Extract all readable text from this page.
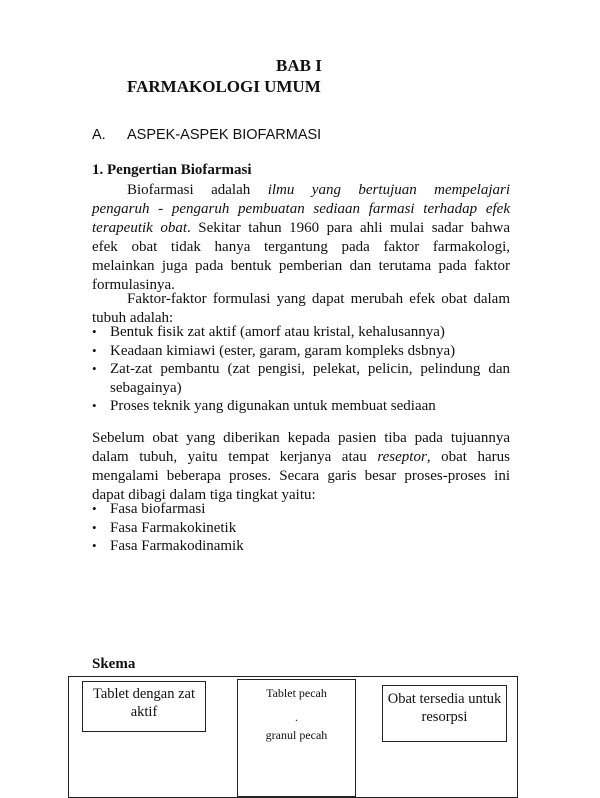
BAB I
FARMAKOLOGI UMUM
A. ASPEK-ASPEK BIOFARMASI
1. Pengertian Biofarmasi
Biofarmasi adalah ilmu yang bertujuan mempelajari
pengaruh - pengaruh pembuatan sediaan farmasi terhadap efek
terapeutik obat. Sekitar tahun 1960 para ahli mulai sadar bahwa
efek obat tidak hanya tergantung pada faktor farmakologi,
melainkan juga pada bentuk pemberian dan terutama pada faktor
formulasinya.
Faktor-faktor formulasi yang dapat merubah efek obat dalam
tubuh adalah:
• Bentuk fisik zat aktif (amorf atau kristal, kehalusannya)
• Keadaan kimiawi (ester, garam, garam kompleks dsbnya)
• Zat-zat pembantu (zat pengisi, pelekat, pelicin, pelindung dan sebagainya)
• Proses teknik yang digunakan untuk membuat sediaan
Sebelum obat yang diberikan kepada pasien tiba pada tujuannya
dalam tubuh, yaitu tempat kerjanya atau reseptor, obat harus
mengalami beberapa proses. Secara garis besar proses-proses ini
dapat dibagi dalam tiga tingkat yaitu:
• Fasa biofarmasi
• Fasa Farmakokinetik
• Fasa Farmakodinamik
Skema
Tablet dengan zat aktif
Tablet pecah
.
granul pecah
Obat tersedia untuk resorpsi
